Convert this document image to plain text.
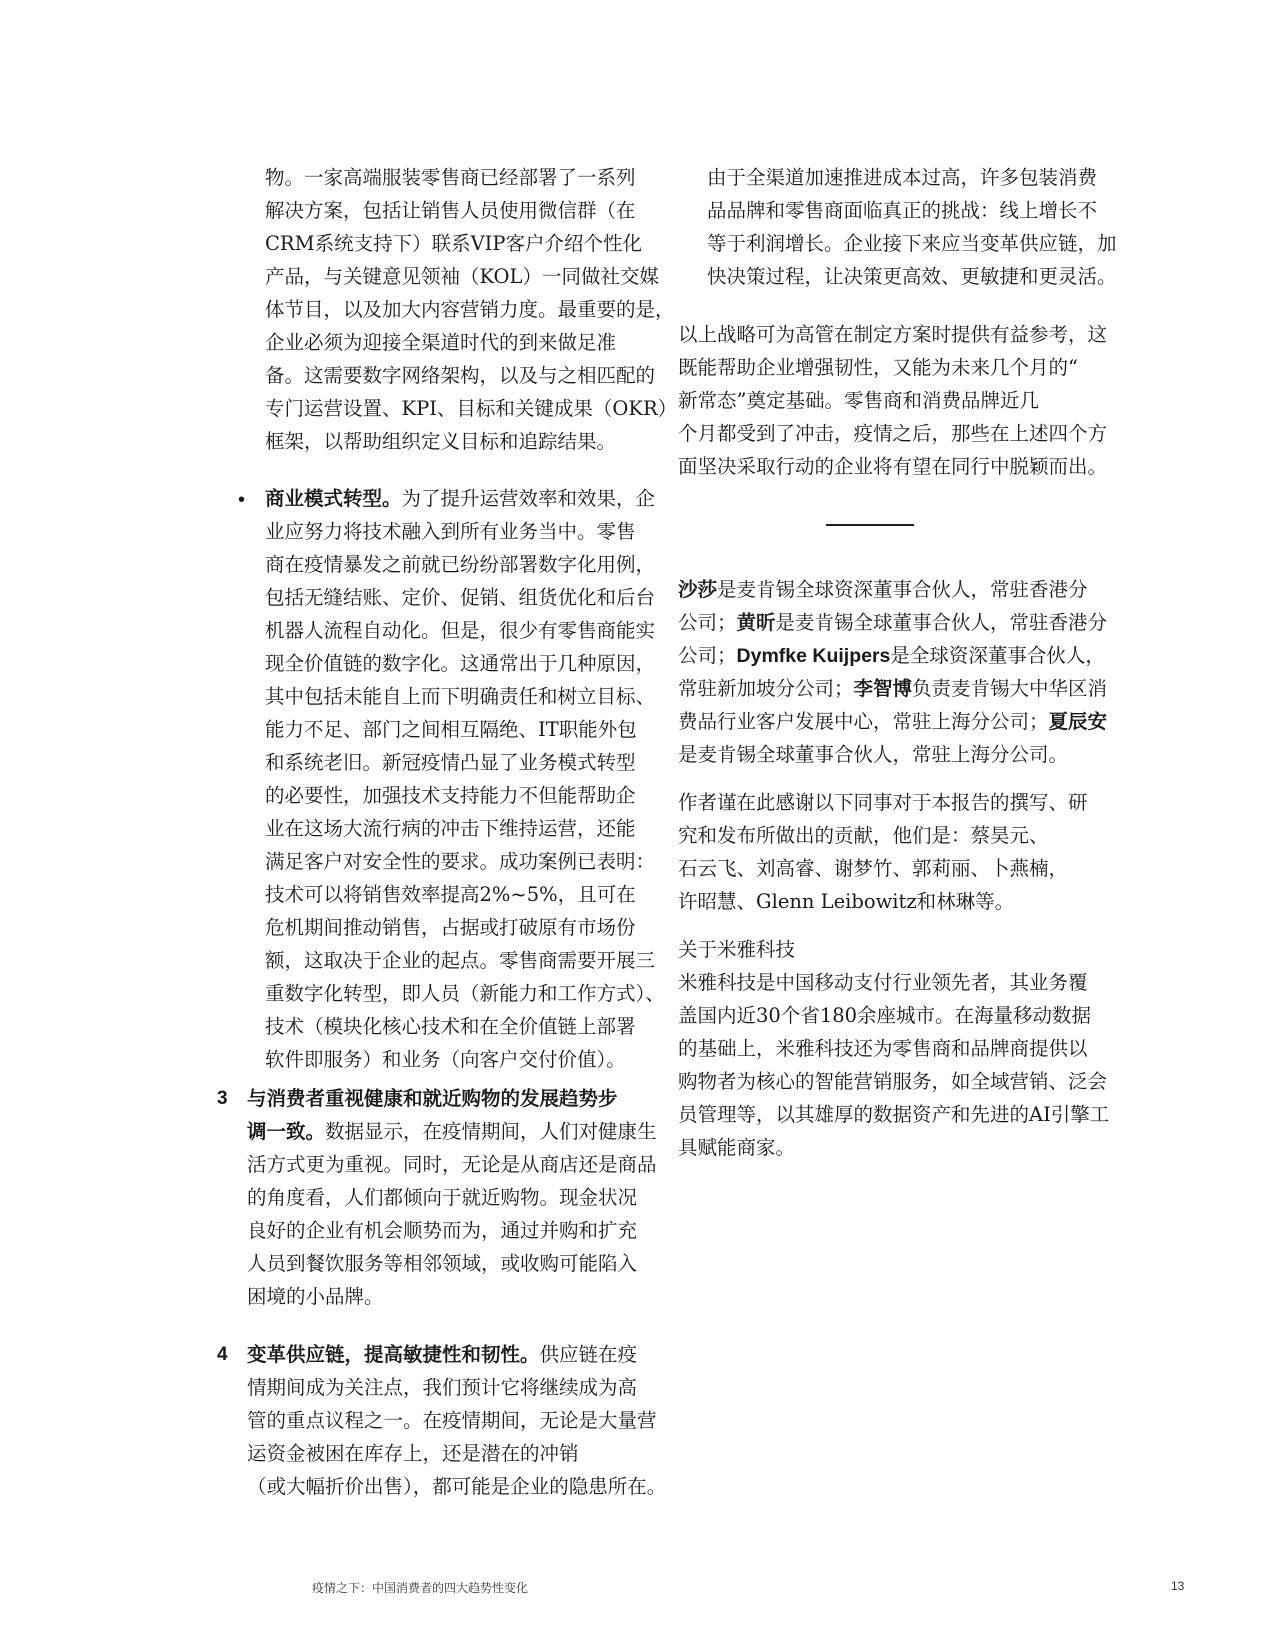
物。一家高端服装零售商已经部署了一系列
解决方案，包括让销售人员使用微信群（在
CRM系统支持下）联系VIP客户介绍个性化
产品，与关键意见领袖（KOL）一同做社交媒
体节目，以及加大内容营销力度。最重要的是，
企业必须为迎接全渠道时代的到来做足准
备。这需要数字网络架构，以及与之相匹配的
专门运营设置、KPI、目标和关键成果（OKR）
框架，以帮助组织定义目标和追踪结果。
• 商业模式转型。为了提升运营效率和效果，企
业应努力将技术融入到所有业务当中。零售
商在疫情暴发之前就已纷纷部署数字化用例，
包括无缝结账、定价、促销、组货优化和后台
机器人流程自动化。但是，很少有零售商能实
现全价值链的数字化。这通常出于几种原因，
其中包括未能自上而下明确责任和树立目标、
能力不足、部门之间相互隔绝、IT职能外包
和系统老旧。新冠疫情凸显了业务模式转型
的必要性，加强技术支持能力不但能帮助企
业在这场大流行病的冲击下维持运营，还能
满足客户对安全性的要求。成功案例已表明：
技术可以将销售效率提高2%~5%，且可在
危机期间推动销售，占据或打破原有市场份
额，这取决于企业的起点。零售商需要开展三
重数字化转型，即人员（新能力和工作方式）、
技术（模块化核心技术和在全价值链上部署
软件即服务）和业务（向客户交付价值）。
3 与消费者重视健康和就近购物的发展趋势步
调一致。数据显示，在疫情期间，人们对健康生
活方式更为重视。同时，无论是从商店还是商品
的角度看，人们都倾向于就近购物。现金状况
良好的企业有机会顺势而为，通过并购和扩充
人员到餐饮服务等相邻领域，或收购可能陷入
困境的小品牌。
4 变革供应链，提高敏捷性和韧性。供应链在疫
情期间成为关注点，我们预计它将继续成为高
管的重点议程之一。在疫情期间，无论是大量营
运资金被困在库存上，还是潜在的冲销
（或大幅折价出售），都可能是企业的隐患所在。
由于全渠道加速推进成本过高，许多包装消费
品品牌和零售商面临真正的挑战：线上增长不
等于利润增长。企业接下来应当变革供应链，加
快决策过程，让决策更高效、更敏捷和更灵活。
以上战略可为高管在制定方案时提供有益参考，这
既能帮助企业增强韧性，又能为未来几个月的“
新常态”奠定基础。零售商和消费品牌近几
个月都受到了冲击，疫情之后，那些在上述四个方
面坚决采取行动的企业将有望在同行中脱颖而出。
沙莎是麦肯锡全球资深董事合伙人，常驻香港分
公司；黄昕是麦肯锡全球董事合伙人，常驻香港分
公司；Dymfke Kuijpers是全球资深董事合伙人，
常驻新加坡分公司；李智博负责麦肯锡大中华区消
费品行业客户发展中心，常驻上海分公司；夏辰安
是麦肯锡全球董事合伙人，常驻上海分公司。
作者谨在此感谢以下同事对于本报告的撰写、研
究和发布所做出的贡献，他们是：蔡昊元、
石云飞、刘高睿、谢梦竹、郭莉丽、卜燕楠，
许昭慧、Glenn Leibowitz和林琳等。
关于米雅科技
米雅科技是中国移动支付行业领先者，其业务覆
盖国内近30个省180余座城市。在海量移动数据
的基础上，米雅科技还为零售商和品牌商提供以
购物者为核心的智能营销服务，如全域营销、泛会
员管理等，以其雄厚的数据资产和先进的AI引擎工
具赋能商家。
疫情之下：中国消费者的四大趋势性变化	13
